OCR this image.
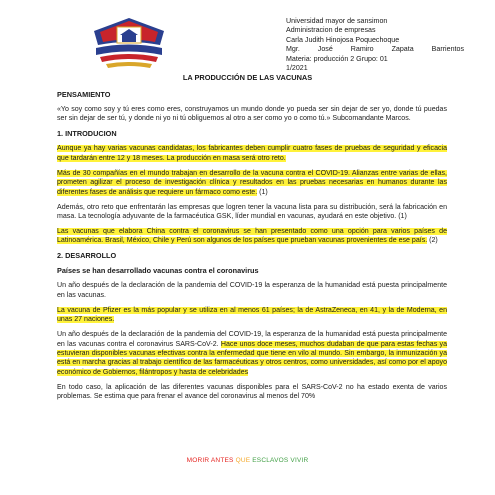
Universidad mayor de sansimon
Administracion de empresas
Carla Judith Hinojosa Poquechoque
Mgr. José Ramiro Zapata Barrientos
Materia: producción 2 Grupo: 01
1/2021
LA PRODUCCIÓN DE LAS VACUNAS
PENSAMIENTO

«Yo soy como soy y tú eres como eres, construyamos un mundo donde yo pueda ser sin dejar de ser yo, donde tú puedas ser sin dejar de ser tú, y donde ni yo ni tú obliguemos al otro a ser como yo o como tú.» Subcomandante Marcos.

1. INTRODUCION

Aunque ya hay varias vacunas candidatas, los fabricantes deben cumplir cuatro fases de pruebas de seguridad y eficacia que tardarán entre 12 y 18 meses. La producción en masa será otro reto.

Más de 30 compañías en el mundo trabajan en desarrollo de la vacuna contra el COVID-19. Alianzas entre varias de ellas, prometen agilizar el proceso de investigación clínica y resultados en las pruebas necesarias en humanos durante las diferentes fases de análisis que requiere un fármaco como este. (1)

Además, otro reto que enfrentarán las empresas que logren tener la vacuna lista para su distribución, será la fabricación en masa. La tecnología adyuvante de la farmacéutica GSK, líder mundial en vacunas, ayudará en este objetivo. (1)

Las vacunas que elabora China contra el coronavirus se han presentado como una opción para varios países de Latinoamérica. Brasil, México, Chile y Perú son algunos de los países que prueban vacunas provenientes de ese país. (2)

2. DESARROLLO
Países se han desarrollado vacunas contra el coronavirus

Un año después de la declaración de la pandemia del COVID-19 la esperanza de la humanidad está puesta principalmente en las vacunas.

La vacuna de Pfizer es la más popular y se utiliza en al menos 61 países; la de AstraZeneca, en 41, y la de Moderna, en unas 27 naciones.

Un año después de la declaración de la pandemia del COVID-19, la esperanza de la humanidad está puesta principalmente en las vacunas contra el coronavirus SARS-CoV-2. Hace unos doce meses, muchos dudaban de que para estas fechas ya estuvieran disponibles vacunas efectivas contra la enfermedad que tiene en vilo al mundo. Sin embargo, la inmunización ya está en marcha gracias al trabajo científico de las farmacéuticas y otros centros, como universidades, así como por el apoyo económico de Gobiernos, filántropos y hasta de celebridades

En todo caso, la aplicación de las diferentes vacunas disponibles para el SARS-CoV-2 no ha estado exenta de varios problemas. Se estima que para frenar el avance del coronavirus al menos del 70%

MORIR ANTES QUE ESCLAVOS VIVIR
